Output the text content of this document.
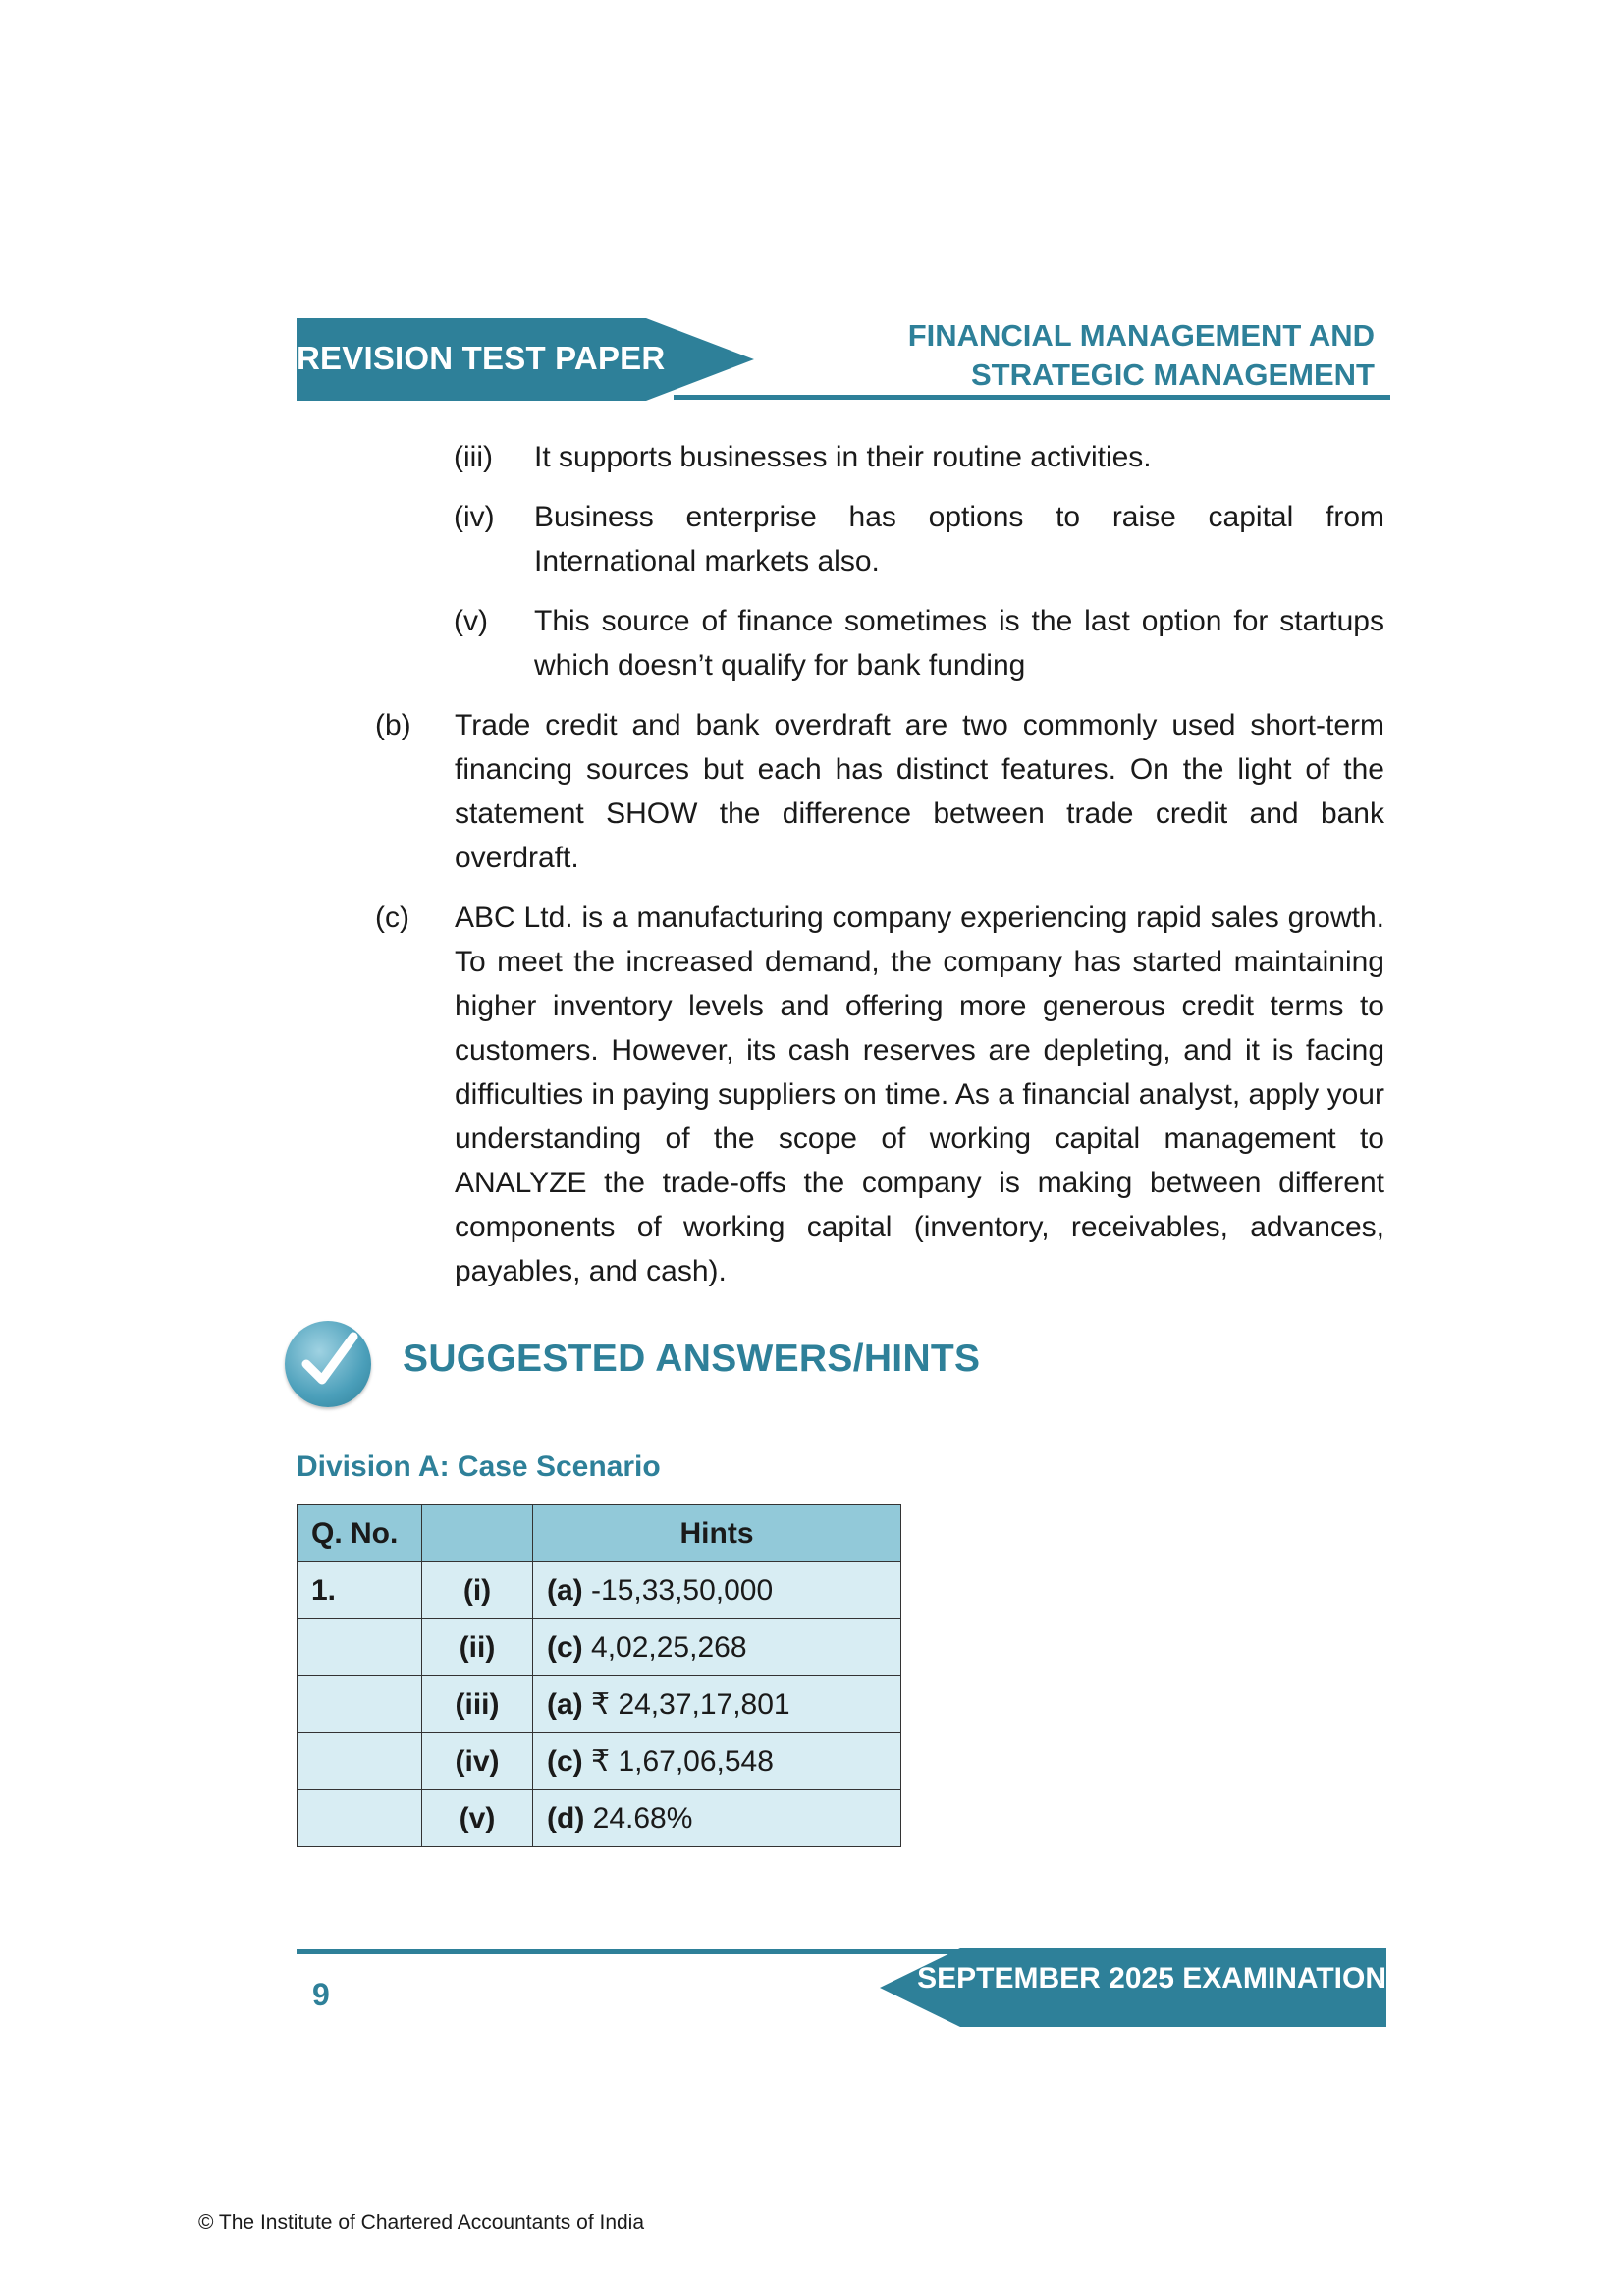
REVISION TEST PAPER
FINANCIAL MANAGEMENT AND
STRATEGIC MANAGEMENT
(iii) It supports businesses in their routine activities.
(iv) Business enterprise has options to raise capital from International markets also.
(v) This source of finance sometimes is the last option for startups which doesn’t qualify for bank funding
(b) Trade credit and bank overdraft are two commonly used short-term financing sources but each has distinct features. On the light of the statement SHOW the difference between trade credit and bank overdraft.
(c) ABC Ltd. is a manufacturing company experiencing rapid sales growth. To meet the increased demand, the company has started maintaining higher inventory levels and offering more generous credit terms to customers. However, its cash reserves are depleting, and it is facing difficulties in paying suppliers on time. As a financial analyst, apply your understanding of the scope of working capital management to ANALYZE the trade-offs the company is making between different components of working capital (inventory, receivables, advances, payables, and cash).
SUGGESTED ANSWERS/HINTS
Division A: Case Scenario
Q. No.		Hints
1.	(i)	(a) -15,33,50,000
	(ii)	(c) 4,02,25,268
	(iii)	(a) ₹ 24,37,17,801
	(iv)	(c) ₹ 1,67,06,548
	(v)	(d) 24.68%
SEPTEMBER 2025 EXAMINATION
9
© The Institute of Chartered Accountants of India
